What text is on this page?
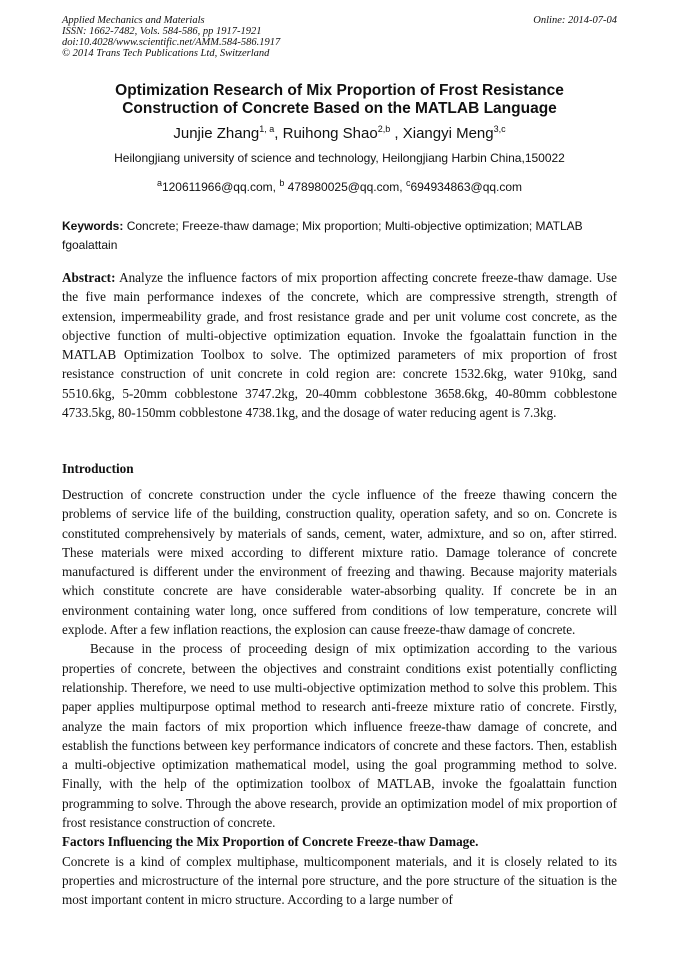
Applied Mechanics and Materials
ISSN: 1662-7482, Vols. 584-586, pp 1917-1921
doi:10.4028/www.scientific.net/AMM.584-586.1917
© 2014 Trans Tech Publications Ltd, Switzerland
Online: 2014-07-04
Optimization Research of Mix Proportion of Frost Resistance
Construction of Concrete Based on the MATLAB Language
Junjie Zhang$^{1, a}$, Ruihong Shao$^{2,b}$ , Xiangyi Meng$^{3,c}$
Heilongjiang university of science and technology, Heilongjiang Harbin China,150022
$^a$120611966@qq.com, $^b$ 478980025@qq.com, $^c$694934863@qq.com
Keywords: Concrete; Freeze-thaw damage; Mix proportion; Multi-objective optimization; MATLAB fgoalattain
Abstract: Analyze the influence factors of mix proportion affecting concrete freeze-thaw damage. Use the five main performance indexes of the concrete, which are compressive strength, strength of extension, impermeability grade, and frost resistance grade and per unit volume cost concrete, as the objective function of multi-objective optimization equation. Invoke the fgoalattain function in the MATLAB Optimization Toolbox to solve. The optimized parameters of mix proportion of frost resistance construction of unit concrete in cold region are: concrete 1532.6kg, water 910kg, sand 5510.6kg, 5-20mm cobblestone 3747.2kg, 20-40mm cobblestone 3658.6kg, 40-80mm cobblestone 4733.5kg, 80-150mm cobblestone 4738.1kg, and the dosage of water reducing agent is 7.3kg.
Introduction

Destruction of concrete construction under the cycle influence of the freeze thawing concern the problems of service life of the building, construction quality, operation safety, and so on. Concrete is constituted comprehensively by materials of sands, cement, water, admixture, and so on, after stirred. These materials were mixed according to different mixture ratio. Damage tolerance of concrete manufactured is different under the environment of freezing and thawing. Because majority materials which constitute concrete are have considerable water-absorbing quality. If concrete be in an environment containing water long, once suffered from conditions of low temperature, concrete will explode. After a few inflation reactions, the explosion can cause freeze-thaw damage of concrete.

Because in the process of proceeding design of mix optimization according to the various properties of concrete, between the objectives and constraint conditions exist potentially conflicting relationship. Therefore, we need to use multi-objective optimization method to solve this problem. This paper applies multipurpose optimal method to research anti-freeze mixture ratio of concrete. Firstly, analyze the main factors of mix proportion which influence freeze-thaw damage of concrete, and establish the functions between key performance indicators of concrete and these factors. Then, establish a multi-objective optimization mathematical model, using the goal programming method to solve. Finally, with the help of the optimization toolbox of MATLAB, invoke the fgoalattain function programming to solve. Through the above research, provide an optimization model of mix proportion of frost resistance construction of concrete.

Factors Influencing the Mix Proportion of Concrete Freeze-thaw Damage.

Concrete is a kind of complex multiphase, multicomponent materials, and it is closely related to its properties and microstructure of the internal pore structure, and the pore structure of the situation is the most important content in micro structure. According to a large number of
